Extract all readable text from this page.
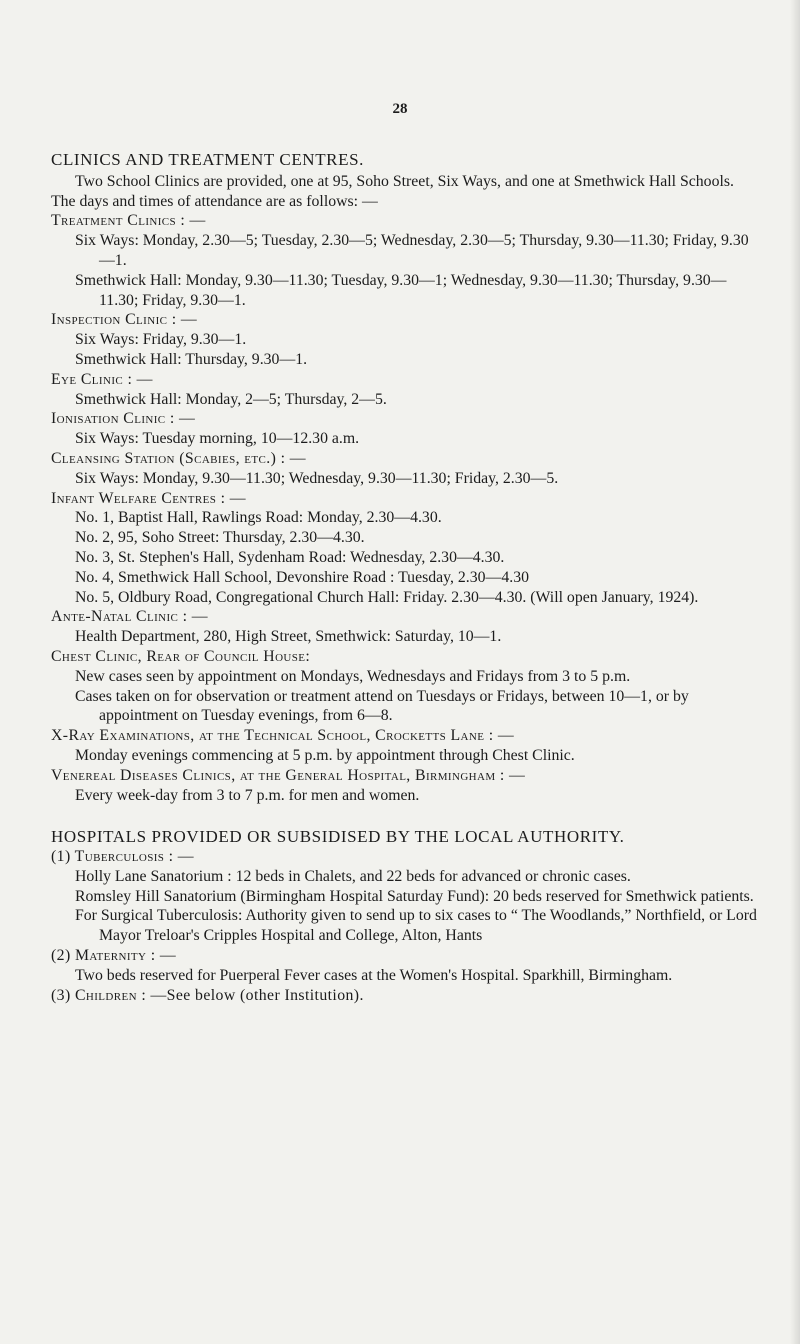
28
CLINICS AND TREATMENT CENTRES.

Two School Clinics are provided, one at 95, Soho Street, Six Ways, and one at Smethwick Hall Schools. The days and times of attendance are as follows: —

Treatment Clinics : —

Six Ways: Monday, 2.30—5; Tuesday, 2.30—5; Wednesday, 2.30—5; Thursday, 9.30—11.30; Friday, 9.30—1.

Smethwick Hall: Monday, 9.30—11.30; Tuesday, 9.30—1; Wednesday, 9.30—11.30; Thursday, 9.30—11.30; Friday, 9.30—1.

Inspection Clinic : —

Six Ways: Friday, 9.30—1.

Smethwick Hall: Thursday, 9.30—1.

Eye Clinic : —

Smethwick Hall: Monday, 2—5; Thursday, 2—5.

Ionisation Clinic : —

Six Ways: Tuesday morning, 10—12.30 a.m.

Cleansing Station (Scabies, etc.) : —

Six Ways: Monday, 9.30—11.30; Wednesday, 9.30—11.30; Friday, 2.30—5.

Infant Welfare Centres : —

No. 1, Baptist Hall, Rawlings Road: Monday, 2.30—4.30.

No. 2, 95, Soho Street: Thursday, 2.30—4.30.

No. 3, St. Stephen's Hall, Sydenham Road: Wednesday, 2.30—4.30.

No. 4, Smethwick Hall School, Devonshire Road : Tuesday, 2.30—4.30

No. 5, Oldbury Road, Congregational Church Hall: Friday. 2.30—4.30. (Will open January, 1924).

Ante-Natal Clinic : —

Health Department, 280, High Street, Smethwick: Saturday, 10—1.

Chest Clinic, Rear of Council House:

New cases seen by appointment on Mondays, Wednesdays and Fridays from 3 to 5 p.m.

Cases taken on for observation or treatment attend on Tuesdays or Fridays, between 10—1, or by appointment on Tuesday evenings, from 6—8.

X-Ray Examinations, at the Technical School, Crocketts Lane : —

Monday evenings commencing at 5 p.m. by appointment through Chest Clinic.

Venereal Diseases Clinics, at the General Hospital, Birmingham : —

Every week-day from 3 to 7 p.m. for men and women.

HOSPITALS PROVIDED OR SUBSIDISED BY THE LOCAL AUTHORITY.

(1) Tuberculosis : —

Holly Lane Sanatorium : 12 beds in Chalets, and 22 beds for advanced or chronic cases.

Romsley Hill Sanatorium (Birmingham Hospital Saturday Fund): 20 beds reserved for Smethwick patients.

For Surgical Tuberculosis: Authority given to send up to six cases to “ The Woodlands,” Northfield, or Lord Mayor Treloar's Cripples Hospital and College, Alton, Hants

(2) Maternity : —

Two beds reserved for Puerperal Fever cases at the Women's Hospital. Sparkhill, Birmingham.

(3) Children : —See below (other Institution).
